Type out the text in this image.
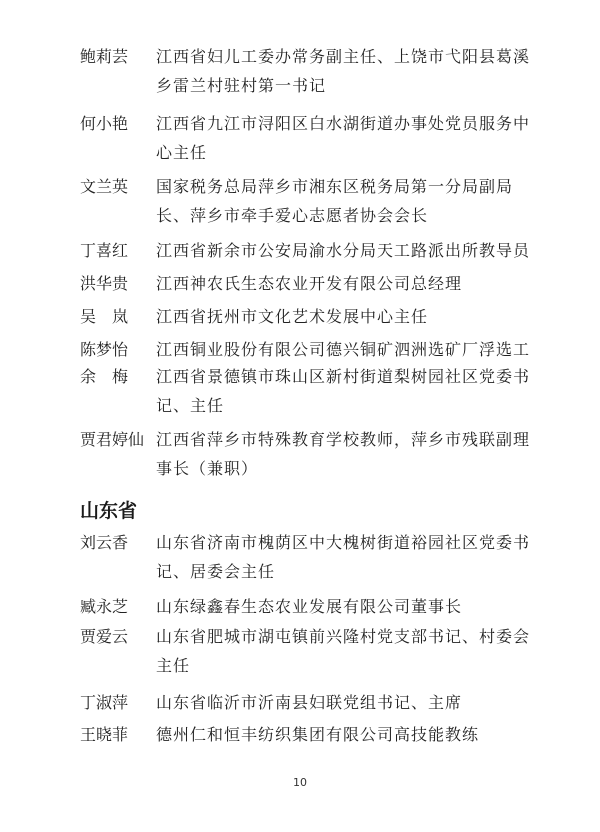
鲍莉芸	江西省妇儿工委办常务副主任、上饶市弋阳县葛溪乡雷兰村驻村第一书记
何小艳	江西省九江市浔阳区白水湖街道办事处党员服务中心主任
文兰英	国家税务总局萍乡市湘东区税务局第一分局副局长、萍乡市牵手爱心志愿者协会会长
丁喜红	江西省新余市公安局渝水分局天工路派出所教导员
洪华贵	江西神农氏生态农业开发有限公司总经理
吴　岚	江西省抚州市文化艺术发展中心主任
陈梦怡	江西铜业股份有限公司德兴铜矿泗洲选矿厂浮选工
余　梅	江西省景德镇市珠山区新村街道梨树园社区党委书记、主任
贾君婷仙 江西省萍乡市特殊教育学校教师，萍乡市残联副理事长（兼职）
山东省
刘云香	山东省济南市槐荫区中大槐树街道裕园社区党委书记、居委会主任
臧永芝	山东绿鑫春生态农业发展有限公司董事长
贾爱云	山东省肥城市湖屯镇前兴隆村党支部书记、村委会主任
丁淑萍	山东省临沂市沂南县妇联党组书记、主席
王晓菲	德州仁和恒丰纺织集团有限公司高技能教练
10
